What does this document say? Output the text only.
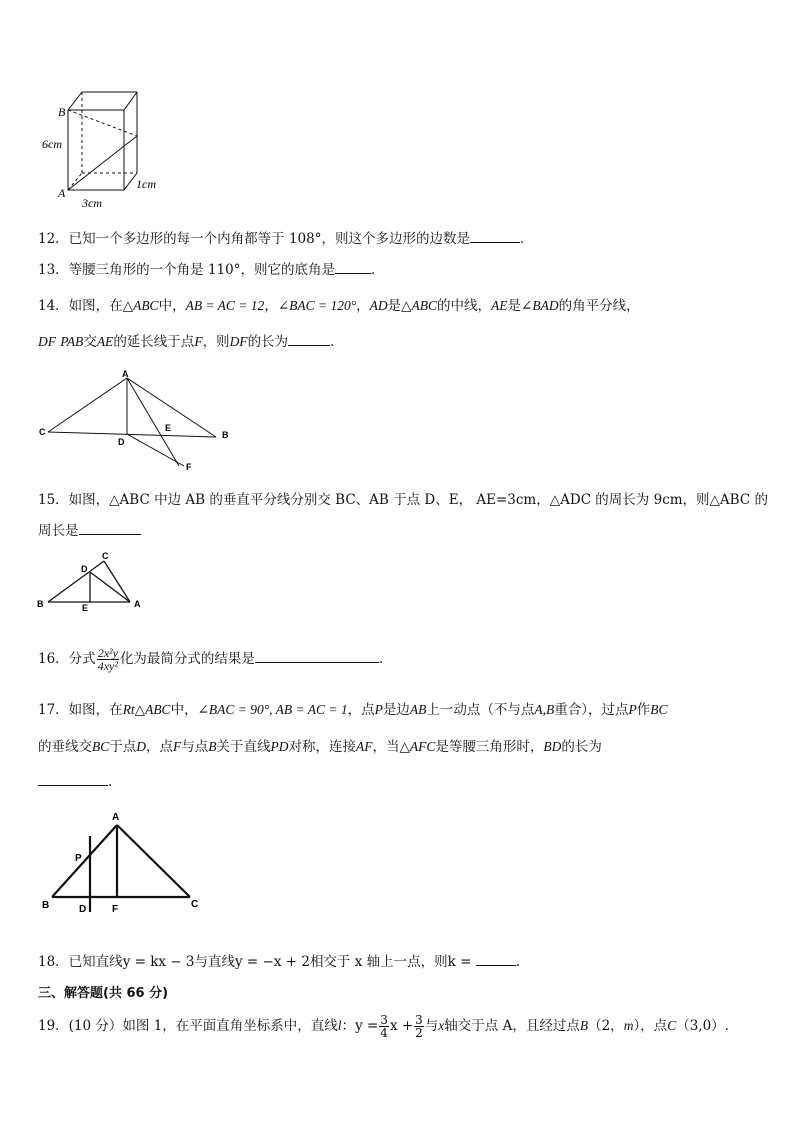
B
A
6cm
3cm
1cm
12．已知一个多边形的每一个内角都等于 108°，则这个多边形的边数是	．
13．等腰三角形的一个角是 110°，则它的底角是	．
14．如图，在△ABC中，AB = AC = 12，∠BAC = 120°，AD是△ABC的中线，AE是∠BAD的角平分线，
DF PAB交AE的延长线于点F，则DF的长为	．
A
C	B
D
E
F
15．如图，△ABC 中边 AB 的垂直平分线分别交 BC、AB 于点 D、E， AE=3cm，△ADC 的周长为 9cm，则△ABC 的
周长是
C
D
B	E	A
16．分式 $\frac{\text{2x²y}}{\text{4xy²}}$ 化为最简分式的结果是	．
17．如图，在Rt△ABC中，∠BAC = 90°, AB = AC = 1，点P是边AB上一动点（不与点A,B重合），过点P作BC
的垂线交BC于点D，点F与点B关于直线PD对称，连接AF，当△AFC是等腰三角形时，BD的长为
.
A
P
B	D	F	C
18．已知直线y = kx − 3与直线y = −x + 2相交于 x 轴上一点，则k =	.
三、解答题(共 66 分)
19．(10 分）如图 1，在平面直角坐标系中，直线l：$y = \frac{3}{4}$ $x + \frac{3}{2}$ 与x轴交于点 A，且经过点B（2，m），点C（3,0）.
